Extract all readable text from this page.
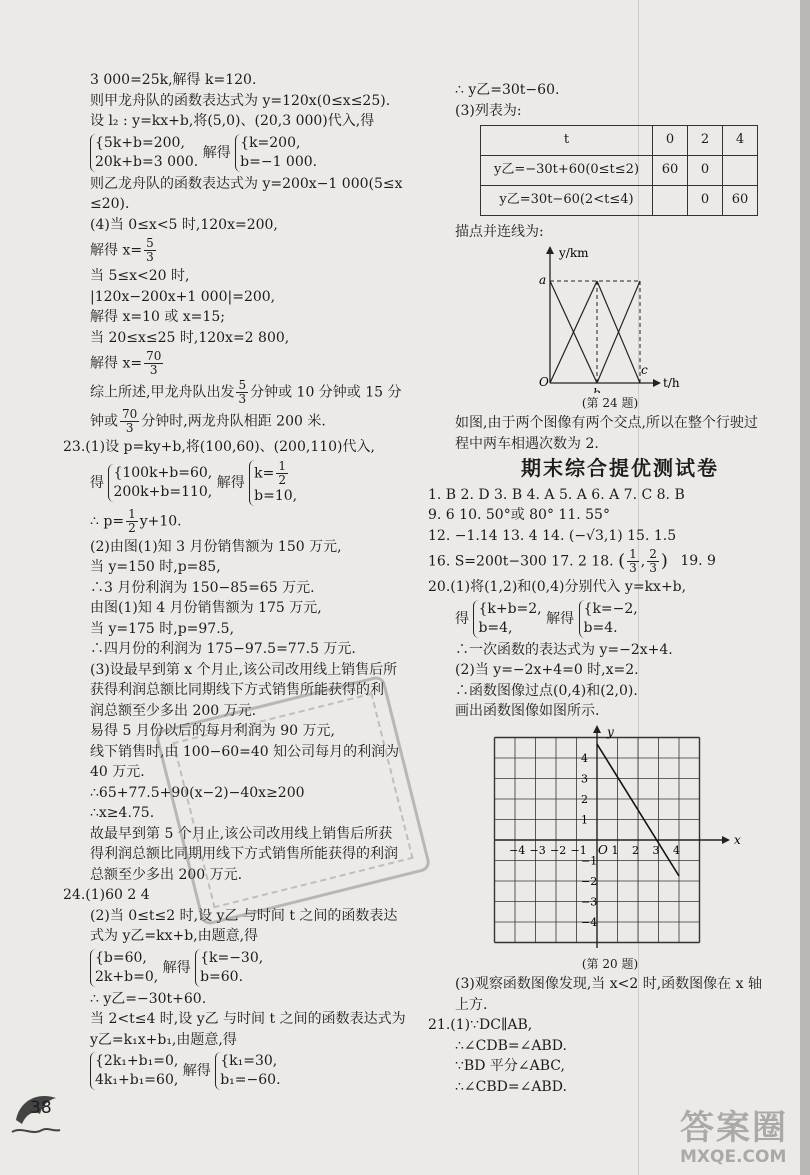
3 000=25k,解得 k=120.
则甲龙舟队的函数表达式为 y=120x(0≤x≤25).
设 l₂ : y=kx+b,将(5,0)、(20,3 000)代入,得
{5k+b=200,
20k+b=3 000. 解得 {k=200,
b=−1 000.
则乙龙舟队的函数表达式为 y=200x−1 000(5≤x
≤20).
(4)当 0≤x<5 时,120x=200,
解得 $x= \frac{5}{3}$
当 5≤x<20 时,
|120x−200x+1 000|=200,
解得 x=10 或 x=15;
当 20≤x≤25 时,120x=2 800,
解得 $x= \frac{70}{3}$
综上所述,甲龙舟队出发 $\frac{5}{3}$ 分钟或 10 分钟或 15 分
钟或 $\frac{70}{3}$ 分钟时,两龙舟队相距 200 米.
23.(1)设 p=ky+b,将(100,60)、(200,110)代入,
得 {100k+b=60,
200k+b=110, 解得 $k= \frac{1}{2}$

b=10,
∴ $p= \frac{1}{2} y+10$.
(2)由图(1)知 3 月份销售额为 150 万元,
当 y=150 时,p=85,
∴3 月份利润为 150−85=65 万元.
由图(1)知 4 月份销售额为 175 万元,
当 y=175 时,p=97.5,
∴四月份的利润为 175−97.5=77.5 万元.
(3)设最早到第 x 个月止,该公司改用线上销售后所
获得利润总额比同期线下方式销售所能获得的利
润总额至少多出 200 万元.
易得 5 月份以后的每月利润为 90 万元,
线下销售时,由 100−60=40 知公司每月的利润为
40 万元.
∴65+77.5+90(x−2)−40x≥200
∴x≥4.75.
故最早到第 5 个月止,该公司改用线上销售后所获
得利润总额比同期用线下方式销售所能获得的利润
总额至少多出 200 万元.
24.(1)60 2 4
(2)当 0≤t≤2 时,设 y乙 与时间 t 之间的函数表达
式为 y乙=kx+b,由题意,得
{b=60,
2k+b=0, 解得 {k=−30,
b=60.
∴ y乙=−30t+60.
当 2<t≤4 时,设 y乙 与时间 t 之间的函数表达式为
y乙=k₁x+b₁,由题意,得
{2k₁+b₁=0,
4k₁+b₁=60, 解得 {k₁=30,
b₁=−60.
∴ y乙=30t−60.
(3)列表为:
t	0	2	4
y乙=−30t+60(0≤t≤2)	60	0	
y乙=30t−60(2<t≤4)		0	60
描点并连线为:
y/km
t/h
a
O
b
c
(第 24 题)
如图,由于两个图像有两个交点,所以在整个行驶过
程中两车相遇次数为 2.
期末综合提优测试卷
1. B 2. D 3. B 4. A 5. A 6. A 7. C 8. B
9. 6 10. 50°或 80° 11. 55°
12. −1.14 13. 4 14. (−√3,1) 15. 1.5
16. S=200t−300 17. 2 18. ( $\frac{1}{3}$ , $\frac{2}{3}$ ) 19. 9
20.(1)将(1,2)和(0,4)分别代入 y=kx+b,
得 {k+b=2,
b=4, 解得 {k=−2,
b=4.
∴一次函数的表达式为 y=−2x+4.
(2)当 y=−2x+4=0 时,x=2.
∴函数图像过点(0,4)和(2,0).
画出函数图像如图所示.
−4 −3 −2 −1 1 2 3 4
4
3
2
1
−1
−2
−3
−4
x
y
O
(第 20 题)
(3)观察函数图像发现,当 x<2 时,函数图像在 x 轴
上方.
21.(1)∵DC∥AB,
∴∠CDB=∠ABD.
∵BD 平分∠ABC,
∴∠CBD=∠ABD.
38	答案圈
MXQE.COM
